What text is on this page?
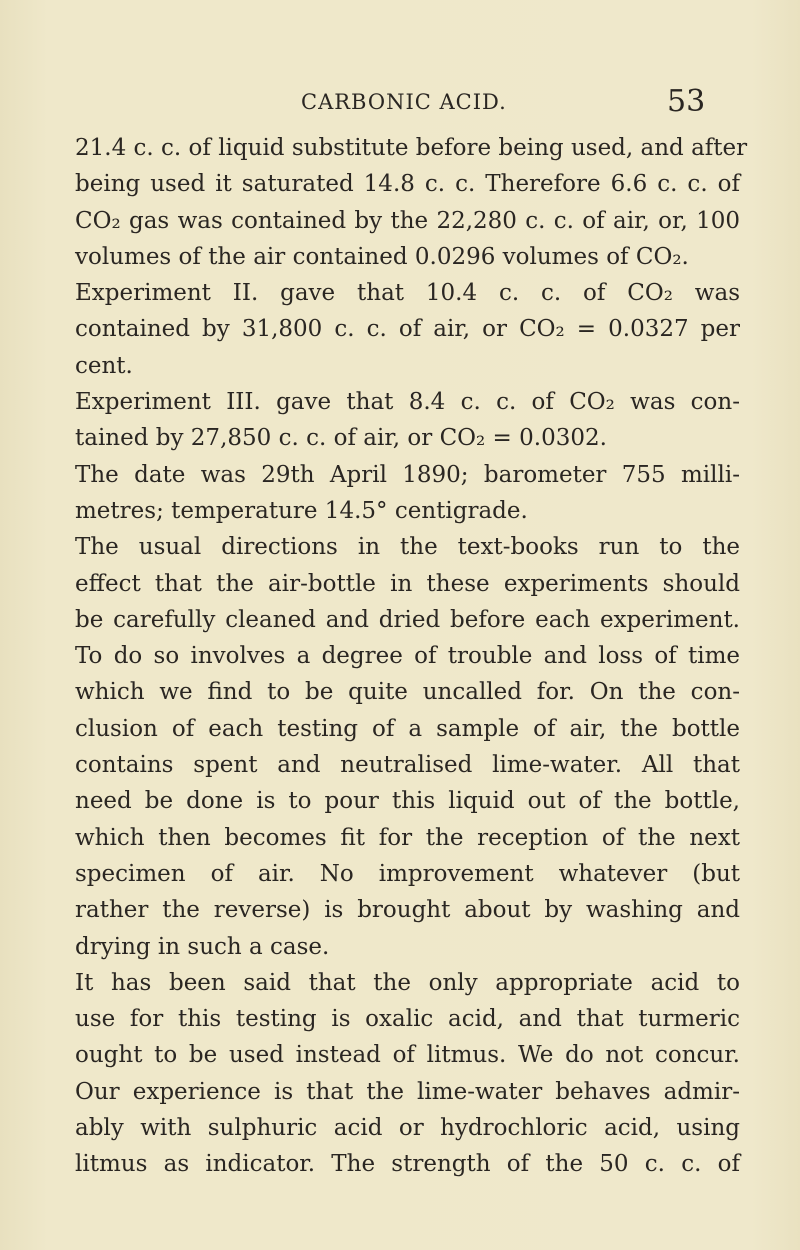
CARBONIC ACID.	53
21.4 c. c. of liquid substitute before being used, and after
being used it saturated 14.8 c. c. Therefore 6.6 c. c. of
CO₂ gas was contained by the 22,280 c. c. of air, or, 100
volumes of the air contained 0.0296 volumes of CO₂.
Experiment II. gave that 10.4 c. c. of CO₂ was
contained by 31,800 c. c. of air, or CO₂ = 0.0327 per
cent.
Experiment III. gave that 8.4 c. c. of CO₂ was con-
tained by 27,850 c. c. of air, or CO₂ = 0.0302.
The date was 29th April 1890; barometer 755 milli-
metres; temperature 14.5° centigrade.
The usual directions in the text-books run to the
effect that the air-bottle in these experiments should
be carefully cleaned and dried before each experiment.
To do so involves a degree of trouble and loss of time
which we find to be quite uncalled for. On the con-
clusion of each testing of a sample of air, the bottle
contains spent and neutralised lime-water. All that
need be done is to pour this liquid out of the bottle,
which then becomes fit for the reception of the next
specimen of air. No improvement whatever (but
rather the reverse) is brought about by washing and
drying in such a case.
It has been said that the only appropriate acid to
use for this testing is oxalic acid, and that turmeric
ought to be used instead of litmus. We do not concur.
Our experience is that the lime-water behaves admir-
ably with sulphuric acid or hydrochloric acid, using
litmus as indicator. The strength of the 50 c. c. of
